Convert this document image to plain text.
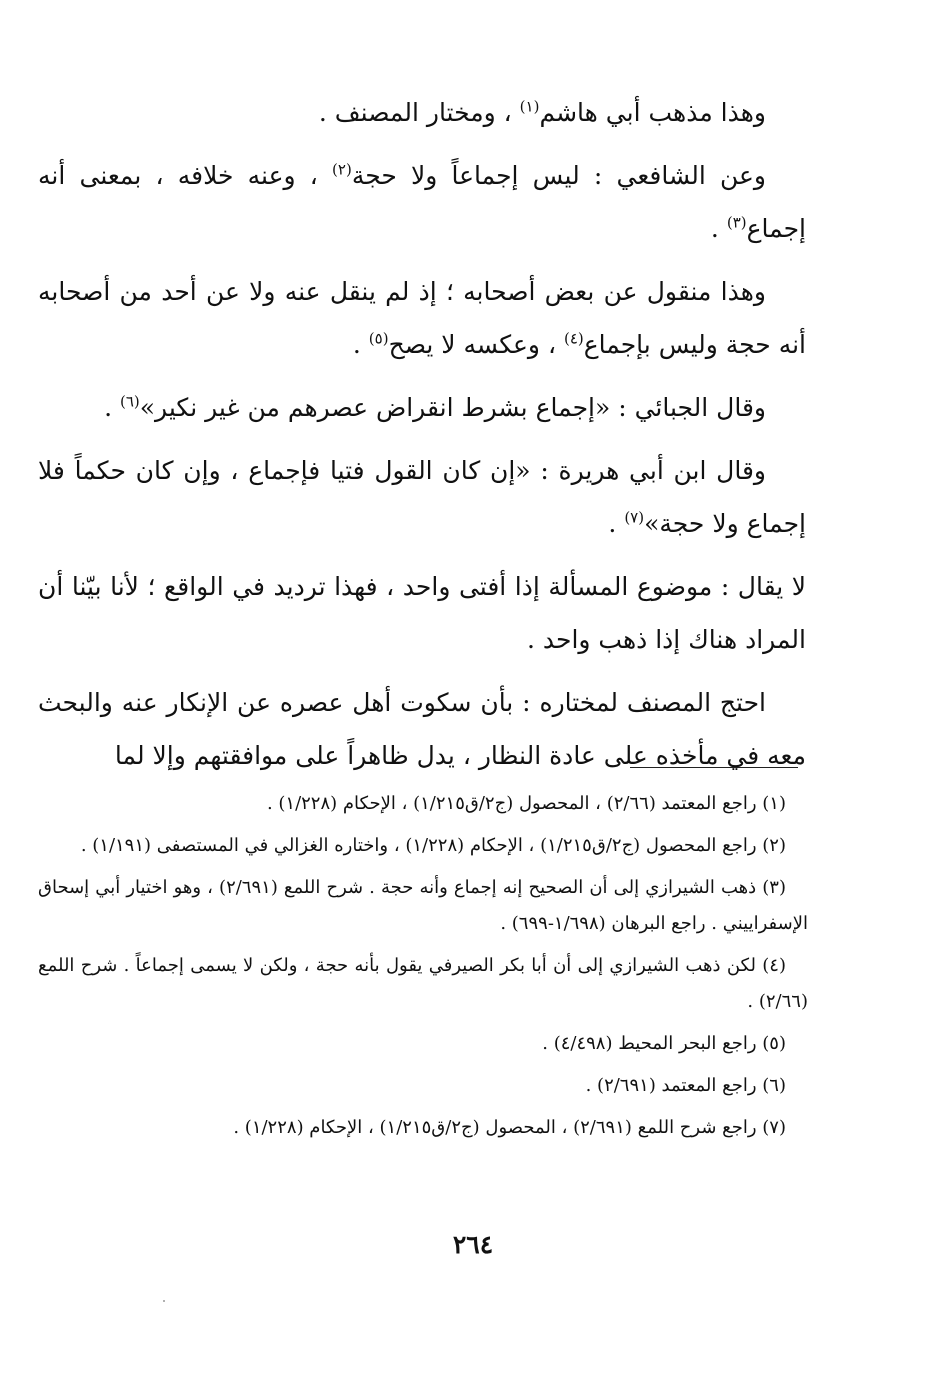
وهذا مذهب أبي هاشم$^{(١)}$ ، ومختار المصنف .

وعن الشافعي : ليس إجماعاً ولا حجة$^{(٢)}$ ، وعنه خلافه ، بمعنى أنه إجماع$^{(٣)}$ .

وهذا منقول عن بعض أصحابه ؛ إذ لم ينقل عنه ولا عن أحد من أصحابه أنه حجة وليس بإجماع$^{(٤)}$ ، وعكسه لا يصح$^{(٥)}$ .

وقال الجبائي : «إجماع بشرط انقراض عصرهم من غير نكير»$^{(٦)}$ .

وقال ابن أبي هريرة : «إن كان القول فتيا فإجماع ، وإن كان حكماً فلا إجماع ولا حجة»$^{(٧)}$ .

لا يقال : موضوع المسألة إذا أفتى واحد ، فهذا ترديد في الواقع ؛ لأنا بيّنا أن المراد هناك إذا ذهب واحد .

احتج المصنف لمختاره : بأن سكوت أهل عصره عن الإنكار عنه والبحث معه في مأخذه على عادة النظار ، يدل ظاهراً على موافقتهم وإلا لما

(١) راجع المعتمد (٢/٦٦) ، المحصول (ج٢/ق١/٢١٥) ، الإحكام (١/٢٢٨) .

(٢) راجع المحصول (ج٢/ق١/٢١٥) ، الإحكام (١/٢٢٨) ، واختاره الغزالي في المستصفى (١/١٩١) .

(٣) ذهب الشيرازي إلى أن الصحيح إنه إجماع وأنه حجة . شرح اللمع (٢/٦٩١) ، وهو اختيار أبي إسحاق الإسفراييني . راجع البرهان (١/٦٩٨-٦٩٩) .

(٤) لكن ذهب الشيرازي إلى أن أبا بكر الصيرفي يقول بأنه حجة ، ولكن لا يسمى إجماعاً . شرح اللمع (٢/٦٦) .

(٥) راجع البحر المحيط (٤/٤٩٨) .

(٦) راجع المعتمد (٢/٦٩١) .

(٧) راجع شرح اللمع (٢/٦٩١) ، المحصول (ج٢/ق١/٢١٥) ، الإحكام (١/٢٢٨) .

٢٦٤
